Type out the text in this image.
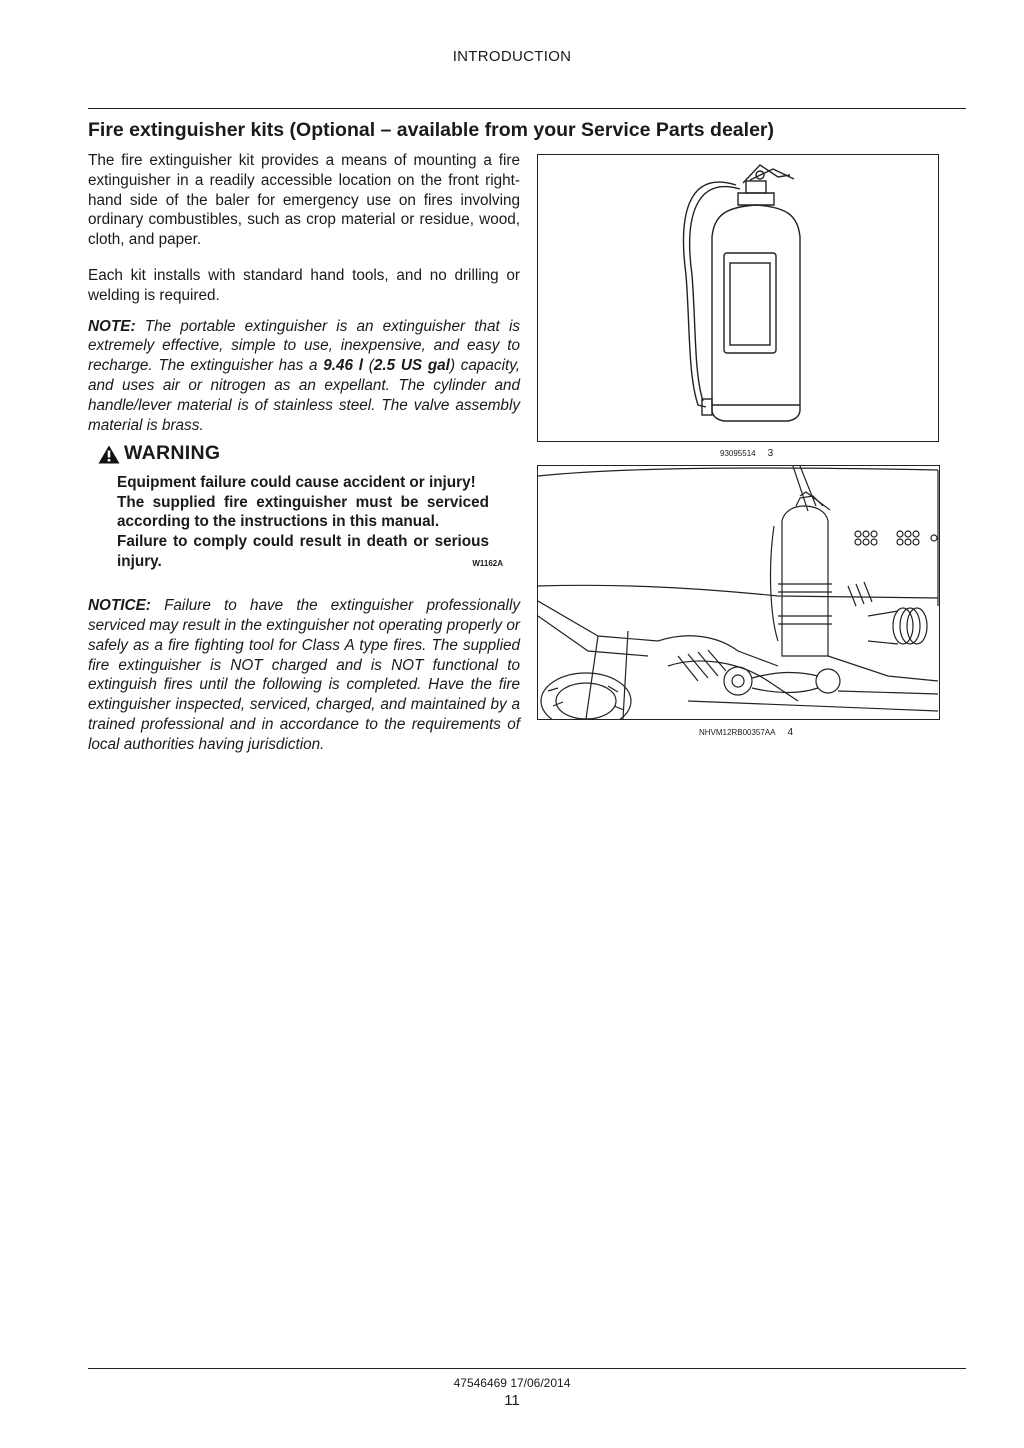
INTRODUCTION
Fire extinguisher kits (Optional – available from your Service Parts dealer)

The fire extinguisher kit provides a means of mounting a fire extinguisher in a readily accessible location on the front right-hand side of the baler for emergency use on fires involving ordinary combustibles, such as crop material or residue, wood, cloth, and paper.

Each kit installs with standard hand tools, and no drilling or welding is required.

NOTE: The portable extinguisher is an extinguisher that is extremely effective, simple to use, inexpensive, and easy to recharge. The extinguisher has a 9.46 l (2.5 US gal) capacity, and uses air or nitrogen as an expellant. The cylinder and handle/lever material is of stainless steel. The valve assembly material is brass.

WARNING
Equipment failure could cause accident or injury!
The supplied fire extinguisher must be serviced according to the instructions in this manual.
Failure to comply could result in death or serious injury.	W1162A

NOTICE: Failure to have the extinguisher professionally serviced may result in the extinguisher not operating properly or safely as a fire fighting tool for Class A type fires. The supplied fire extinguisher is NOT charged and is NOT functional to extinguish fires until the following is completed. Have the fire extinguisher inspected, serviced, charged, and maintained by a trained professional and in accordance to the requirements of local authorities having jurisdiction.

93095514 3
NHVM12RB00357AA 4
47546469 17/06/2014
11
